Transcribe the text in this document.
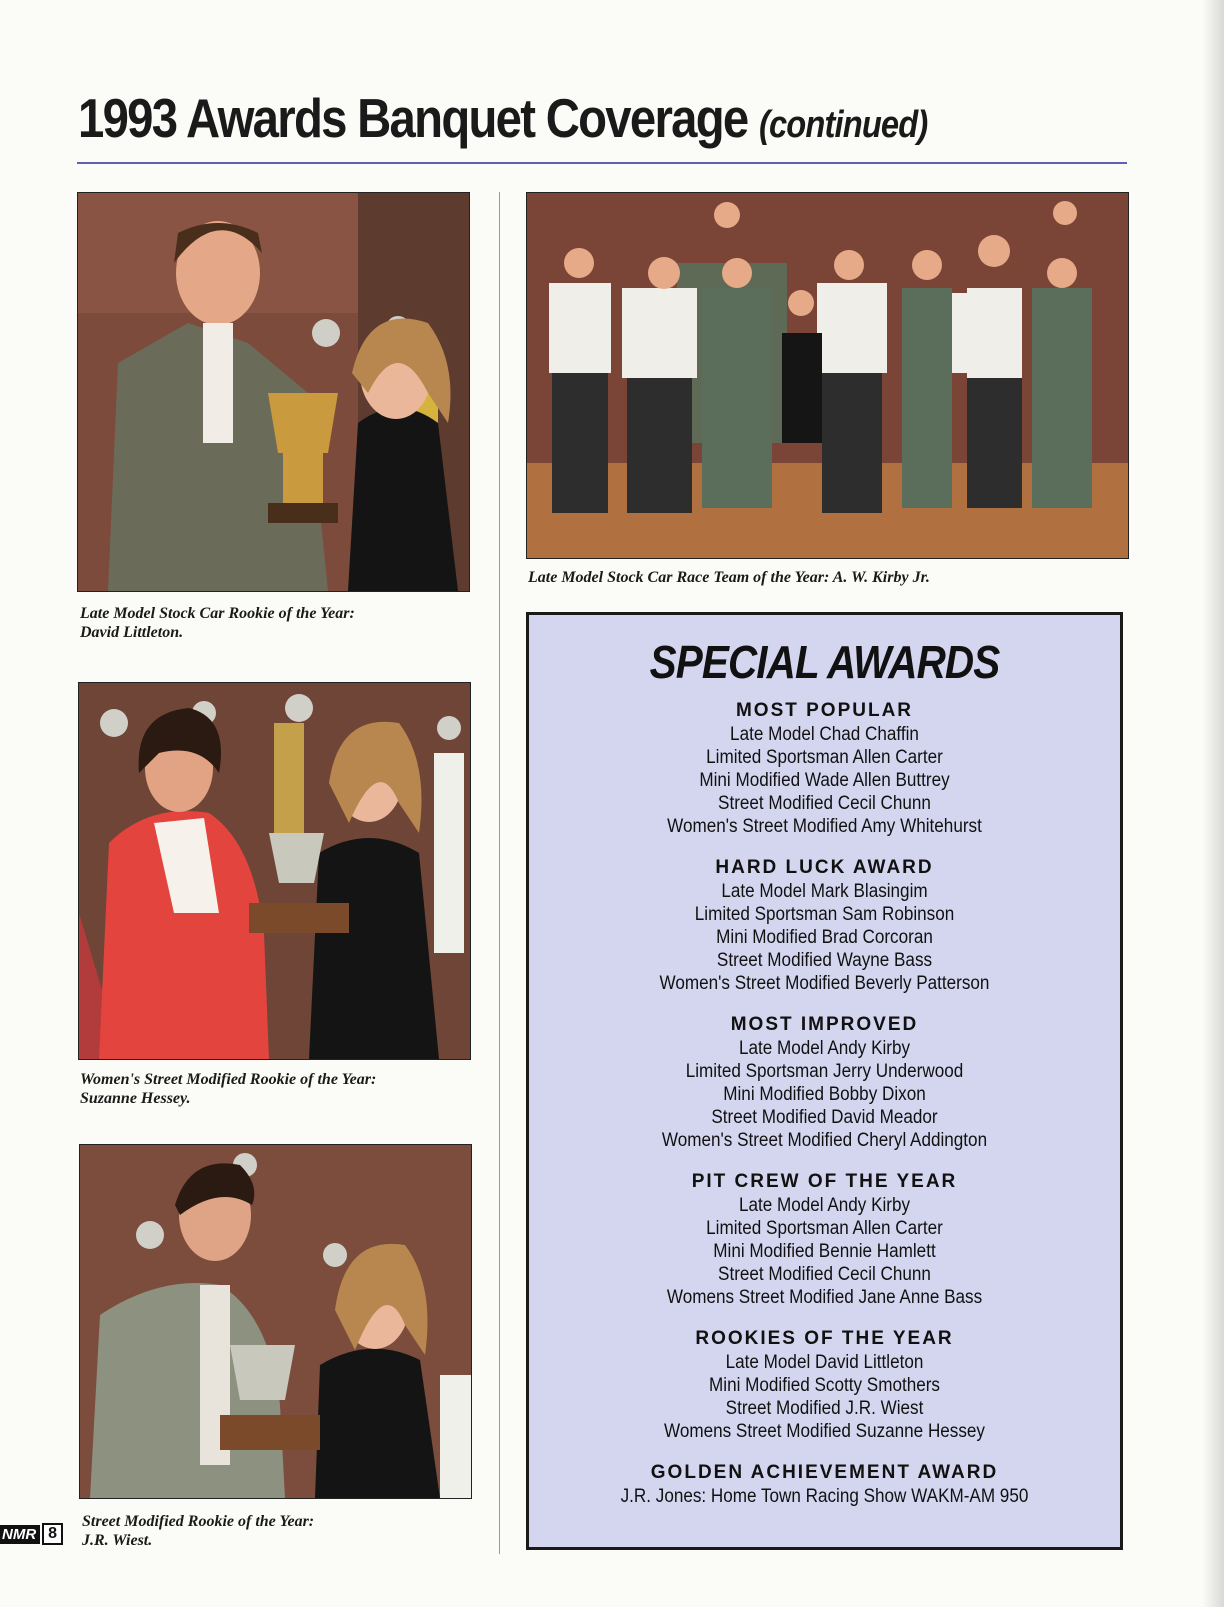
1993 Awards Banquet Coverage (continued)

Late Model Stock Car Rookie of the Year:
David Littleton.

Late Model Stock Car Race Team of the Year: A. W. Kirby Jr.

Women's Street Modified Rookie of the Year:
Suzanne Hessey.

Street Modified Rookie of the Year:
J.R. Wiest.

SPECIAL AWARDS
MOST POPULAR
Late Model Chad Chaffin
Limited Sportsman Allen Carter
Mini Modified Wade Allen Buttrey
Street Modified Cecil Chunn
Women's Street Modified Amy Whitehurst
HARD LUCK AWARD
Late Model Mark Blasingim
Limited Sportsman Sam Robinson
Mini Modified Brad Corcoran
Street Modified Wayne Bass
Women's Street Modified Beverly Patterson
MOST IMPROVED
Late Model Andy Kirby
Limited Sportsman Jerry Underwood
Mini Modified Bobby Dixon
Street Modified David Meador
Women's Street Modified Cheryl Addington
PIT CREW OF THE YEAR
Late Model Andy Kirby
Limited Sportsman Allen Carter
Mini Modified Bennie Hamlett
Street Modified Cecil Chunn
Womens Street Modified Jane Anne Bass
ROOKIES OF THE YEAR
Late Model David Littleton
Mini Modified Scotty Smothers
Street Modified J.R. Wiest
Womens Street Modified Suzanne Hessey
GOLDEN ACHIEVEMENT AWARD
J.R. Jones: Home Town Racing Show WAKM-AM 950
NMR 8
